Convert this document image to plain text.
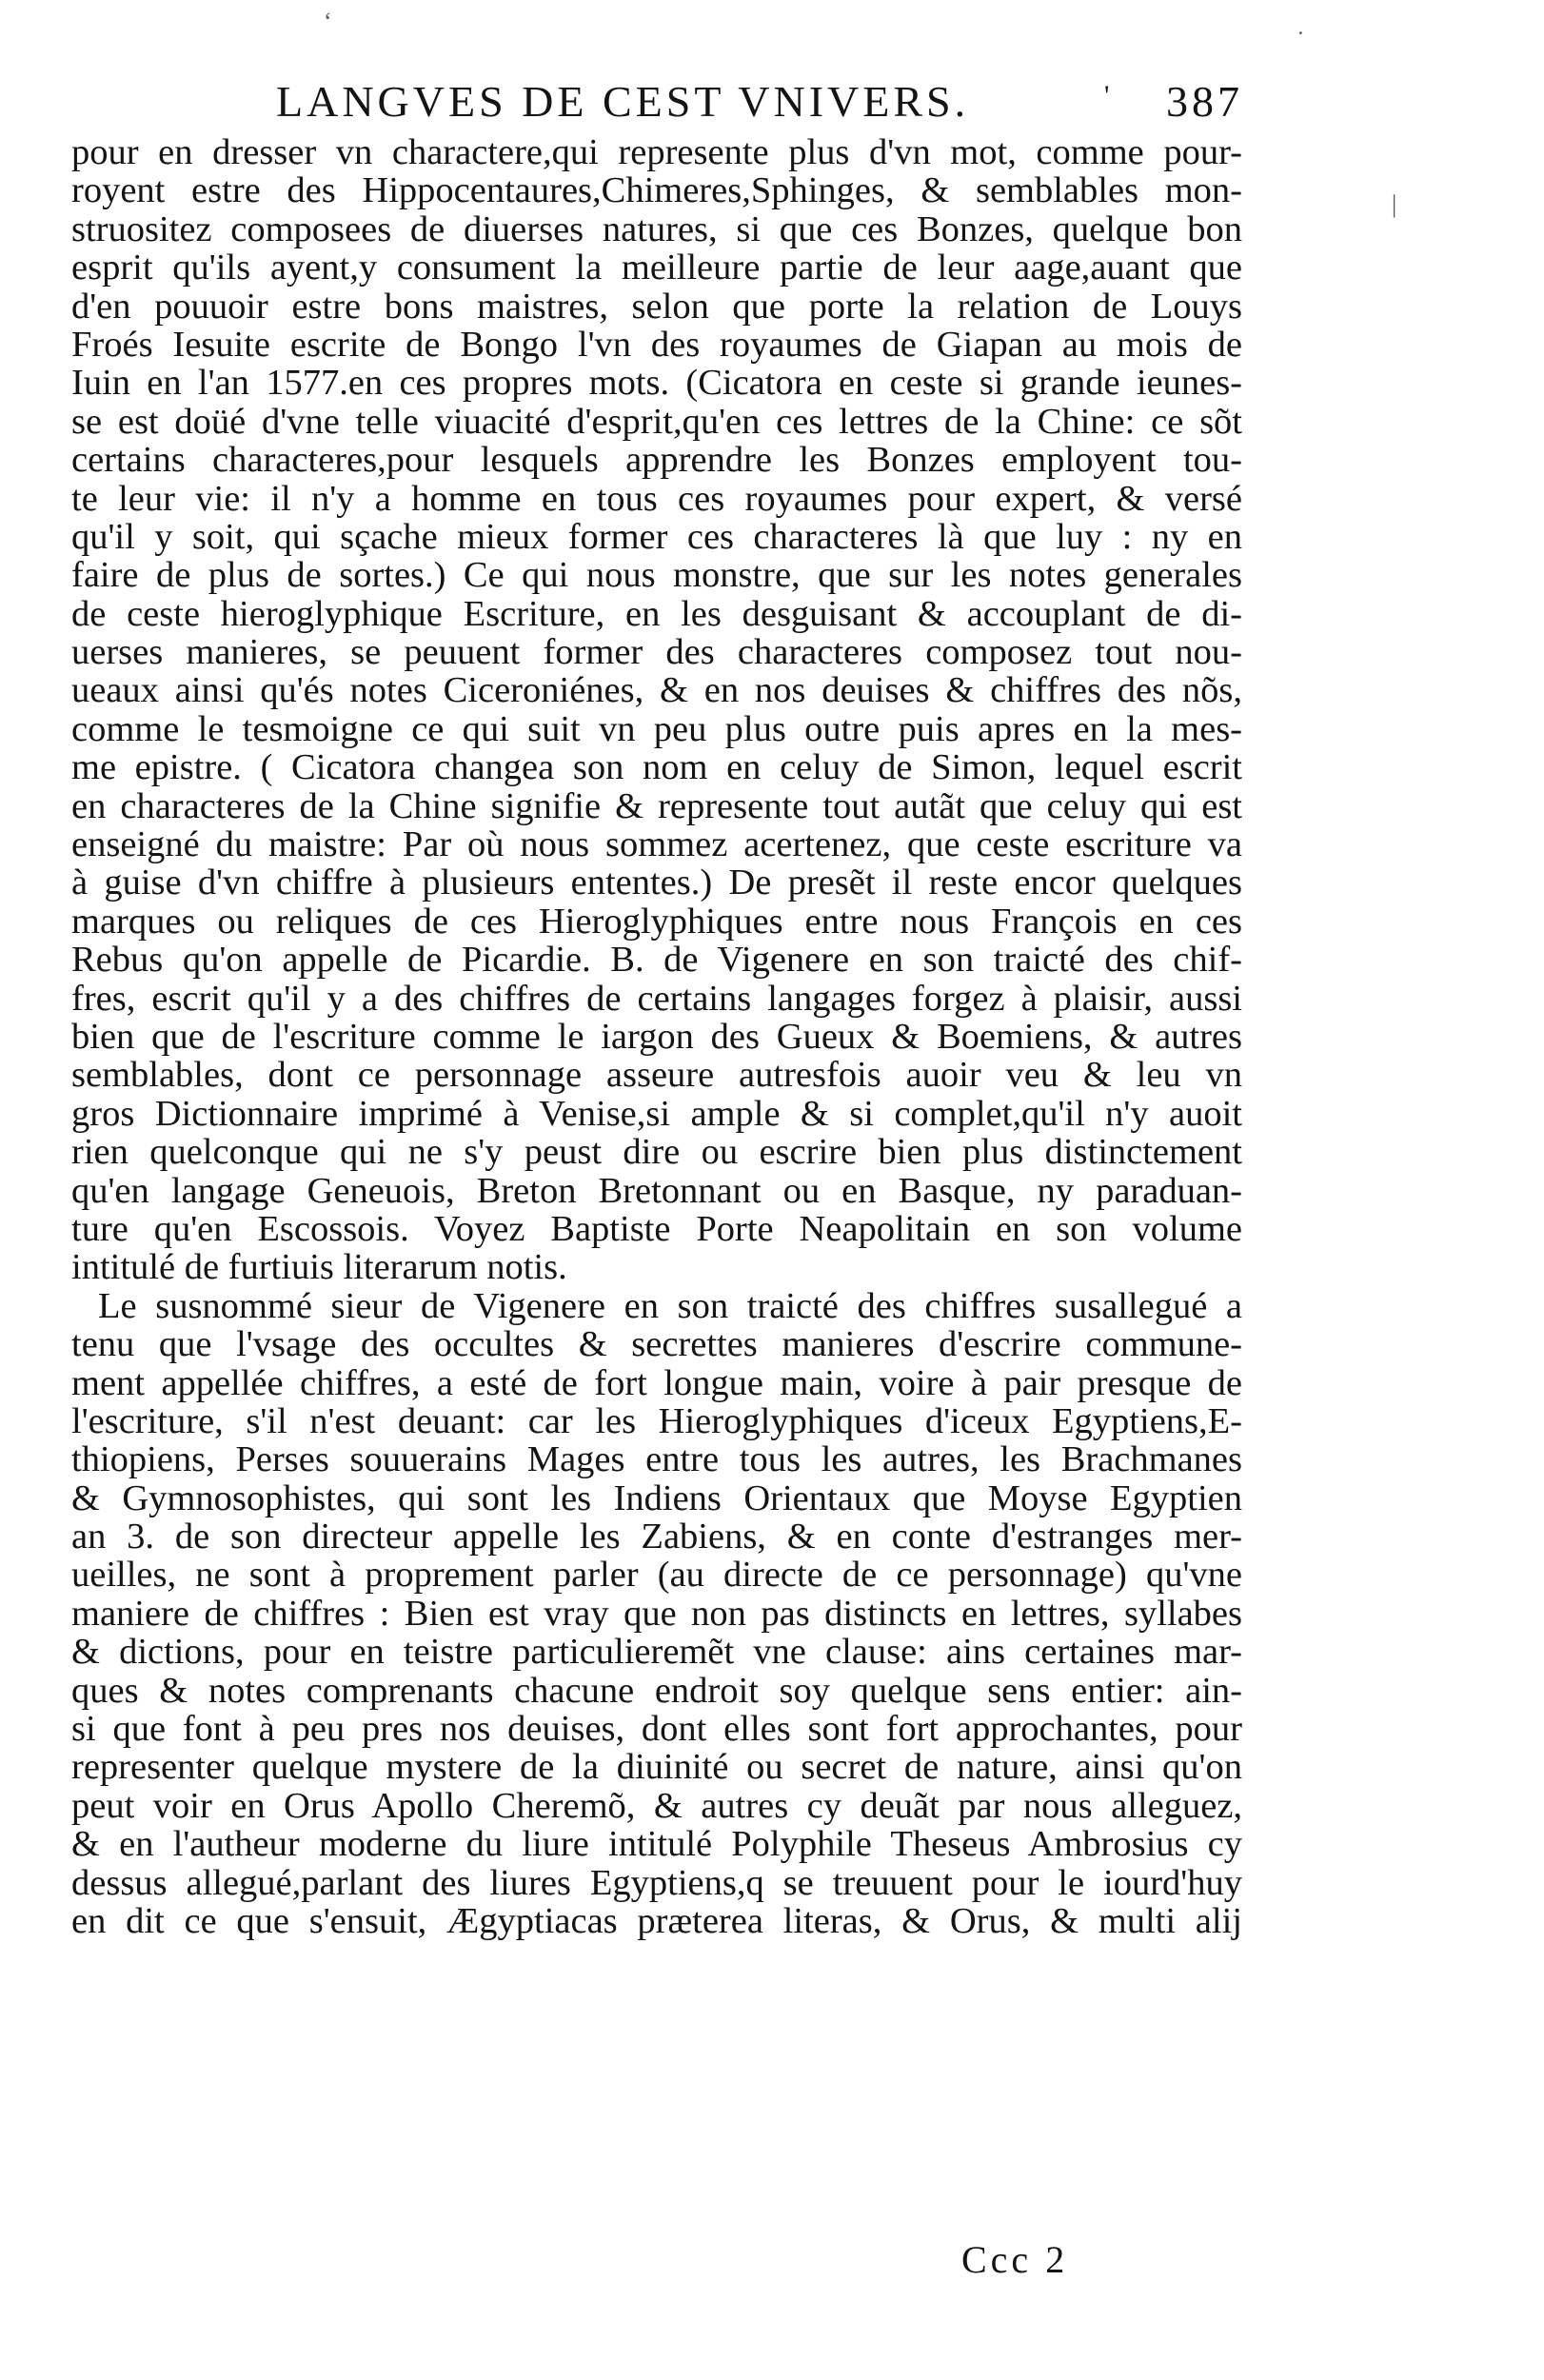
LANGVES DE CEST VNIVERS.	' 387
‘
˙
|
pour en dresser vn charactere,qui represente plus d'vn mot, comme pour-
royent estre des Hippocentaures,Chimeres,Sphinges, & semblables mon-
struositez composees de diuerses natures, si que ces Bonzes, quelque bon
esprit qu'ils ayent,y consument la meilleure partie de leur aage,auant que
d'en pouuoir estre bons maistres, selon que porte la relation de Louys
Froés Iesuite escrite de Bongo l'vn des royaumes de Giapan au mois de
Iuin en l'an 1577.en ces propres mots. (Cicatora en ceste si grande ieunes-
se est doüé d'vne telle viuacité d'esprit,qu'en ces lettres de la Chine: ce sõt
certains characteres,pour lesquels apprendre les Bonzes employent tou-
te leur vie: il n'y a homme en tous ces royaumes pour expert, & versé
qu'il y soit, qui sçache mieux former ces characteres là que luy : ny en
faire de plus de sortes.) Ce qui nous monstre, que sur les notes generales
de ceste hieroglyphique Escriture, en les desguisant & accouplant de di-
uerses manieres, se peuuent former des characteres composez tout nou-
ueaux ainsi qu'és notes Ciceroniénes, & en nos deuises & chiffres des nõs,
comme le tesmoigne ce qui suit vn peu plus outre puis apres en la mes-
me epistre. ( Cicatora changea son nom en celuy de Simon, lequel escrit
en characteres de la Chine signifie & represente tout autãt que celuy qui est
enseigné du maistre: Par où nous sommez acertenez, que ceste escriture va
à guise d'vn chiffre à plusieurs ententes.) De presẽt il reste encor quelques
marques ou reliques de ces Hieroglyphiques entre nous François en ces
Rebus qu'on appelle de Picardie. B. de Vigenere en son traicté des chif-
fres, escrit qu'il y a des chiffres de certains langages forgez à plaisir, aussi
bien que de l'escriture comme le iargon des Gueux & Boemiens, & autres
semblables, dont ce personnage asseure autresfois auoir veu & leu vn
gros Dictionnaire imprimé à Venise,si ample & si complet,qu'il n'y auoit
rien quelconque qui ne s'y peust dire ou escrire bien plus distinctement
qu'en langage Geneuois, Breton Bretonnant ou en Basque, ny paraduan-
ture qu'en Escossois. Voyez Baptiste Porte Neapolitain en son volume
intitulé de furtiuis literarum notis.
Le susnommé sieur de Vigenere en son traicté des chiffres susallegué a
tenu que l'vsage des occultes & secrettes manieres d'escrire commune-
ment appellée chiffres, a esté de fort longue main, voire à pair presque de
l'escriture, s'il n'est deuant: car les Hieroglyphiques d'iceux Egyptiens,E-
thiopiens, Perses souuerains Mages entre tous les autres, les Brachmanes
& Gymnosophistes, qui sont les Indiens Orientaux que Moyse Egyptien
an 3. de son directeur appelle les Zabiens, & en conte d'estranges mer-
ueilles, ne sont à proprement parler (au directe de ce personnage) qu'vne
maniere de chiffres : Bien est vray que non pas distincts en lettres, syllabes
& dictions, pour en teistre particulieremẽt vne clause: ains certaines mar-
ques & notes comprenants chacune endroit soy quelque sens entier: ain-
si que font à peu pres nos deuises, dont elles sont fort approchantes, pour
representer quelque mystere de la diuinité ou secret de nature, ainsi qu'on
peut voir en Orus Apollo Cheremõ, & autres cy deuãt par nous alleguez,
& en l'autheur moderne du liure intitulé Polyphile Theseus Ambrosius cy
dessus allegué,parlant des liures Egyptiens,q se treuuent pour le iourd'huy
en dit ce que s'ensuit, Ægyptiacas præterea literas, & Orus, & multi alij
Ccc 2
